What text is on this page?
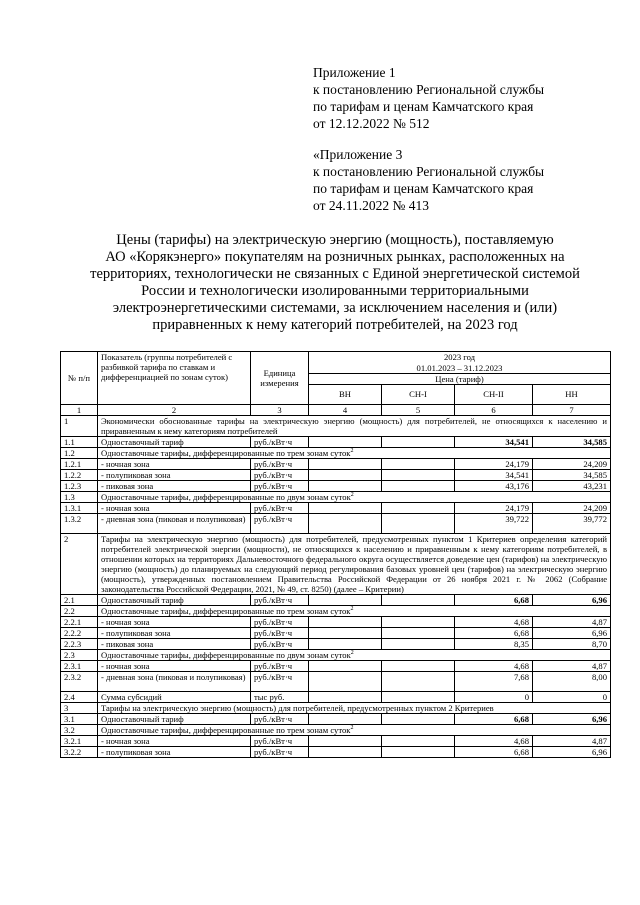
Приложение 1
к постановлению Региональной службы
по тарифам и ценам Камчатского края
от 12.12.2022 № 512
«Приложение 3
к постановлению Региональной службы
по тарифам и ценам Камчатского края
от 24.11.2022 № 413
Цены (тарифы) на электрическую энергию (мощность), поставляемую
АО «Корякэнерго» покупателям на розничных рынках, расположенных на
территориях, технологически не связанных с Единой энергетической системой
России и технологически изолированными территориальными
электроэнергетическими системами, за исключением населения и (или)
приравненных к нему категорий потребителей, на 2023 год
№ п/п	Показатель (группы потребителей с разбивкой тарифа по ставкам и дифференциацией по зонам суток)	Единица измерения	2023 год			

			01.01.2023 – 31.12.2023
Цена (тариф)			

			ВН	СН-I	СН-II	НН
1	2	3	4	5	6	7
1	Экономически обоснованные тарифы на электрическую энергию (мощность) для потребителей, не относящихся к населению и приравненным к нему категориям потребителей					
1.1	Одноставочный тариф	руб./кВт·ч			34,541	34,585
1.2	Одноставочные тарифы, дифференцированные по трем зонам суток$^2$
1.2.1	- ночная зона	руб./кВт·ч			24,179	24,209
1.2.2	- полупиковая зона	руб./кВт·ч			34,541	34,585
1.2.3	- пиковая зона	руб./кВт·ч			43,176	43,231
1.3	Одноставочные тарифы, дифференцированные по двум зонам суток$^2$
1.3.1	- ночная зона	руб./кВт·ч			24,179	24,209
1.3.2	- дневная зона (пиковая и полупиковая)	руб./кВт·ч			39,722	39,772
2	Тарифы на электрическую энергию (мощность) для потребителей, предусмотренных пунктом 1 Критериев определения категорий потребителей электрической энергии (мощности), не относящихся к населению и приравненным к нему категориям потребителей, в отношении которых на территориях Дальневосточного федерального округа осуществляется доведение цен (тарифов) на электрическую энергию (мощность) до планируемых на следующий период регулирования базовых уровней цен (тарифов) на электрическую энергию (мощность), утвержденных постановлением Правительства Российской Федерации от 26 ноября 2021 г. № 2062 (Собрание законодательства Российской Федерации, 2021, № 49, ст. 8250) (далее – Критерии)					
2.1	Одноставочный тариф	руб./кВт·ч			6,68	6,96
2.2	Одноставочные тарифы, дифференцированные по трем зонам суток$^2$
2.2.1	- ночная зона	руб./кВт·ч			4,68	4,87
2.2.2	- полупиковая зона	руб./кВт·ч			6,68	6,96
2.2.3	- пиковая зона	руб./кВт·ч			8,35	8,70
2.3	Одноставочные тарифы, дифференцированные по двум зонам суток$^2$
2.3.1	- ночная зона	руб./кВт·ч			4,68	4,87
2.3.2	- дневная зона (пиковая и полупиковая)	руб./кВт·ч			7,68	8,00
2.4	Сумма субсидий	тыс руб.			0	0
3	Тарифы на электрическую энергию (мощность) для потребителей, предусмотренных пунктом 2 Критериев					
3.1	Одноставочный тариф	руб./кВт·ч			6,68	6,96
3.2	Одноставочные тарифы, дифференцированные по трем зонам суток$^2$
3.2.1	- ночная зона	руб./кВт·ч			4,68	4,87
3.2.2	- полупиковая зона	руб./кВт·ч			6,68	6,96
